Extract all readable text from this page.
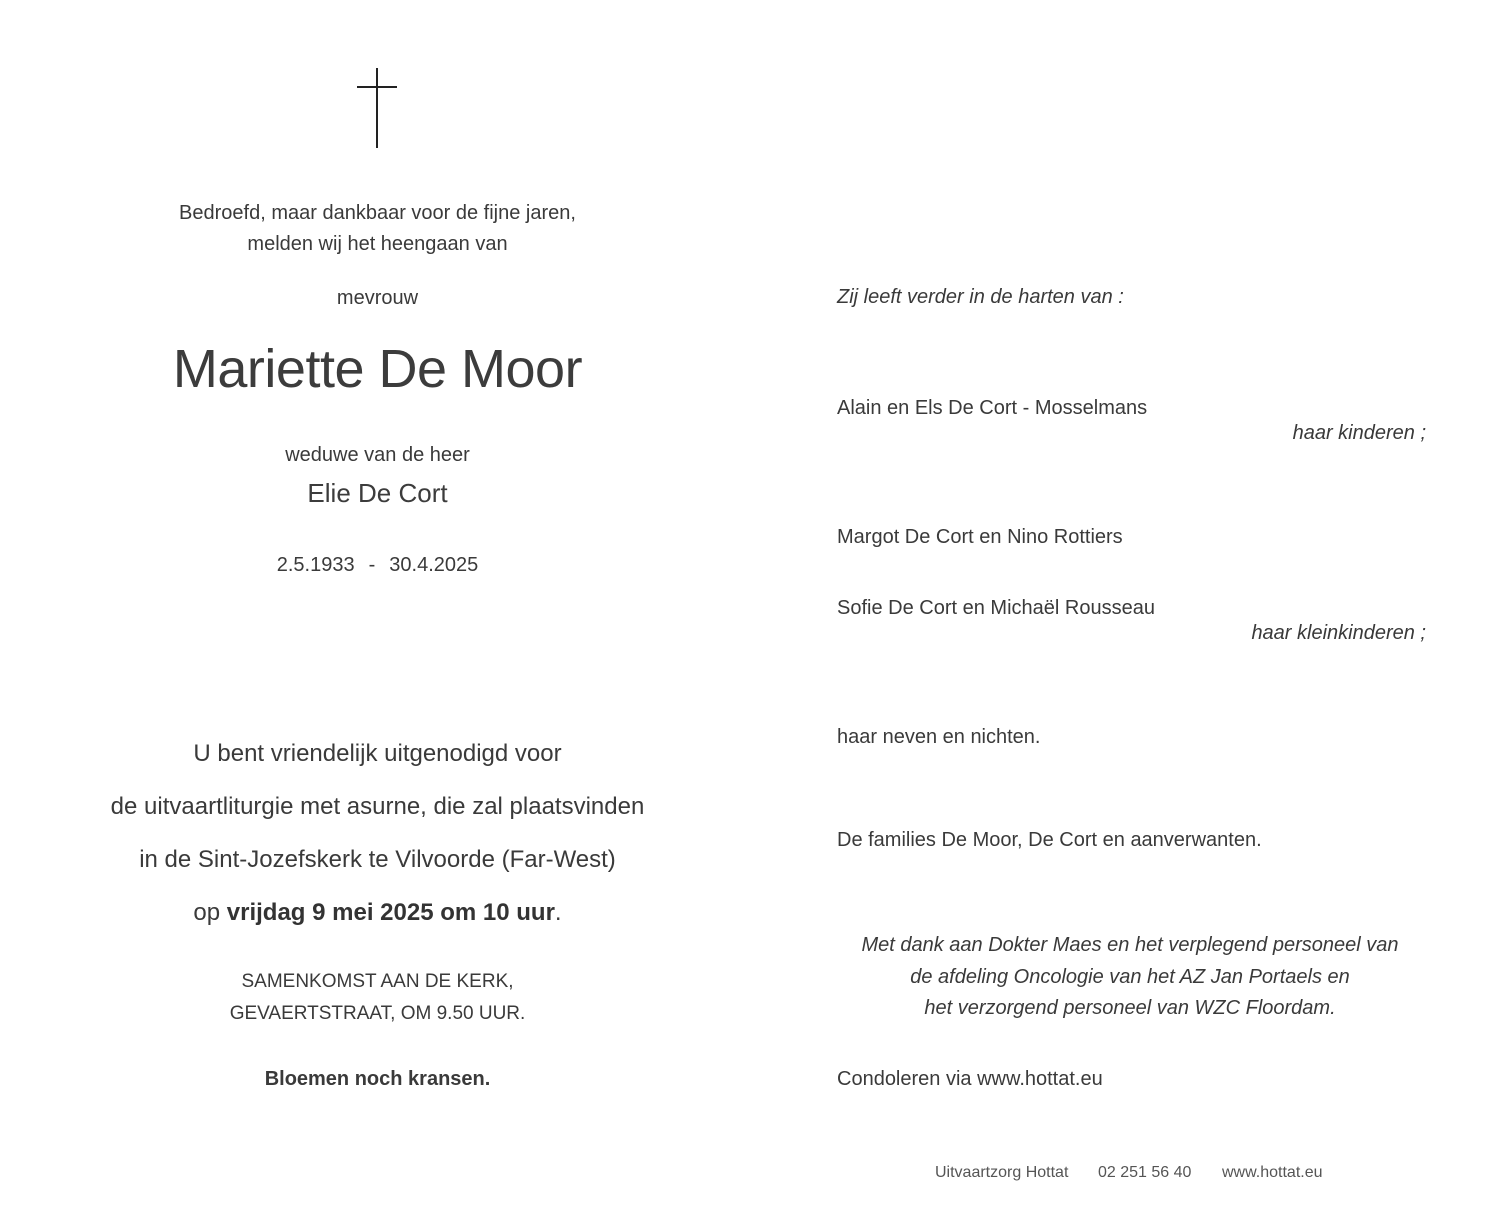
Bedroefd, maar dankbaar voor de fijne jaren,
melden wij het heengaan van
mevrouw
Mariette De Moor
weduwe van de heer
Elie De Cort
2.5.1933 - 30.4.2025
U bent vriendelijk uitgenodigd voor
de uitvaartliturgie met asurne, die zal plaatsvinden
in de Sint-Jozefskerk te Vilvoorde (Far-West)
op vrijdag 9 mei 2025 om 10 uur.
SAMENKOMST AAN DE KERK,
GEVAERTSTRAAT, OM 9.50 UUR.
Bloemen noch kransen.
Zij leeft verder in de harten van :
Alain en Els De Cort - Mosselmans
haar kinderen ;
Margot De Cort en Nino Rottiers
Sofie De Cort en Michaël Rousseau
haar kleinkinderen ;
haar neven en nichten.
De families De Moor, De Cort en aanverwanten.
Met dank aan Dokter Maes en het verplegend personeel van
de afdeling Oncologie van het AZ Jan Portaels en
het verzorgend personeel van WZC Floordam.
Condoleren via www.hottat.eu
Uitvaartzorg Hottat 02 251 56 40 www.hottat.eu
